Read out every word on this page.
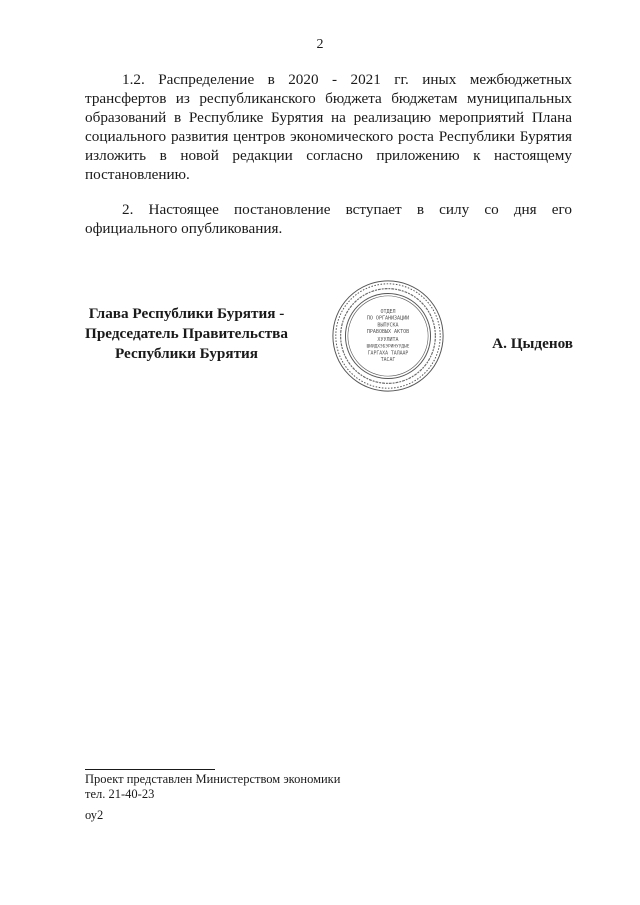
2

1.2. Распределение в 2020 - 2021 гг. иных межбюджетных трансфертов из республиканского бюджета бюджетам муниципальных образований в Республике Бурятия на реализацию мероприятий Плана социального развития центров экономического роста Республики Бурятия изложить в новой редакции согласно приложению к настоящему постановлению.

2. Настоящее постановление вступает в силу со дня его официального опубликования.

Глава Республики Бурятия -
Председатель Правительства
Республики Бурятия
ОТДЕЛ
ПО ОРГАНИЗАЦИИ
ВЫПУСКА
ПРАВОВЫХ АКТОВ
ХУУЛИТА
ШИИДХЭБЭРИНУУДЫЕ
ГАРГАХА ТАЛААР
ТАСАГ
А. Цыденов

Проект представлен Министерством экономики

тел. 21-40-23

оу2
